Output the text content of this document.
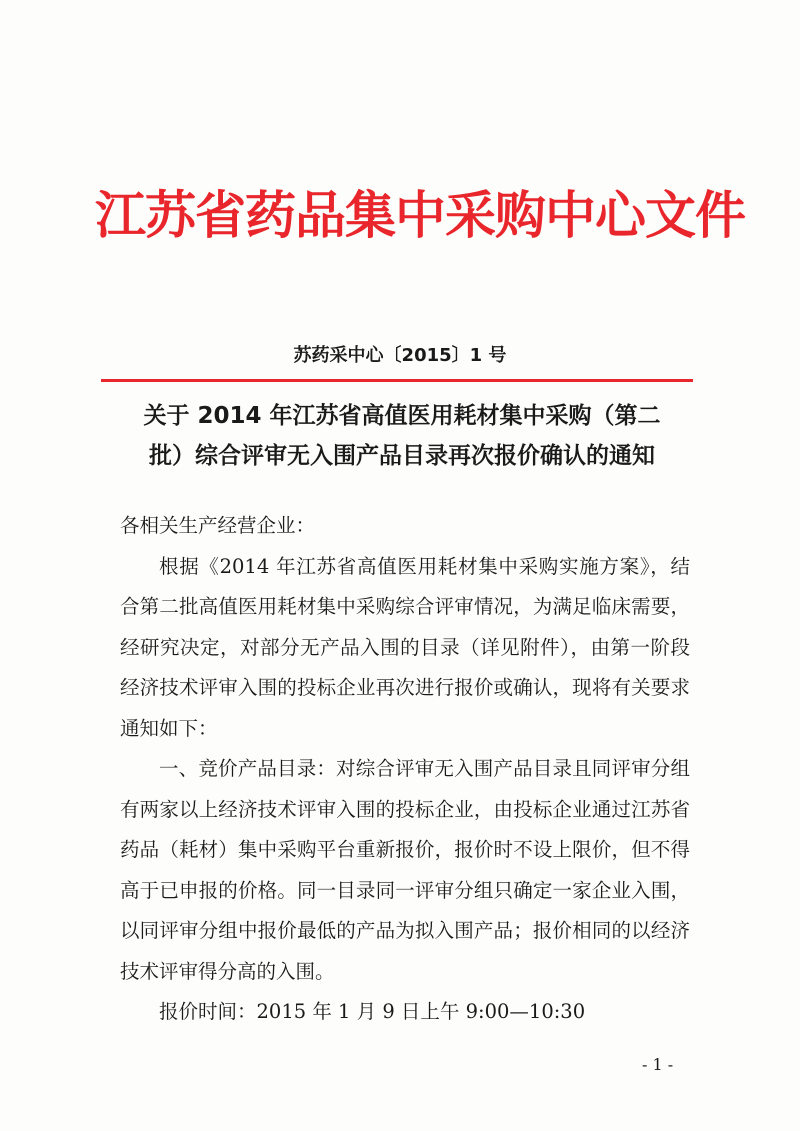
江苏省药品集中采购中心文件
苏药采中心〔2015〕1 号
关于 2014 年江苏省高值医用耗材集中采购（第二
批）综合评审无入围产品目录再次报价确认的通知
各相关生产经营企业：
根据《2014 年江苏省高值医用耗材集中采购实施方案》，结合第二批高值医用耗材集中采购综合评审情况，为满足临床需要，经研究决定，对部分无产品入围的目录（详见附件），由第一阶段经济技术评审入围的投标企业再次进行报价或确认，现将有关要求通知如下：
一、竞价产品目录：对综合评审无入围产品目录且同评审分组有两家以上经济技术评审入围的投标企业，由投标企业通过江苏省药品（耗材）集中采购平台重新报价，报价时不设上限价，但不得高于已申报的价格。同一目录同一评审分组只确定一家企业入围，以同评审分组中报价最低的产品为拟入围产品；报价相同的以经济技术评审得分高的入围。
报价时间：2015 年 1 月 9 日上午 9:00—10:30
- 1 -
